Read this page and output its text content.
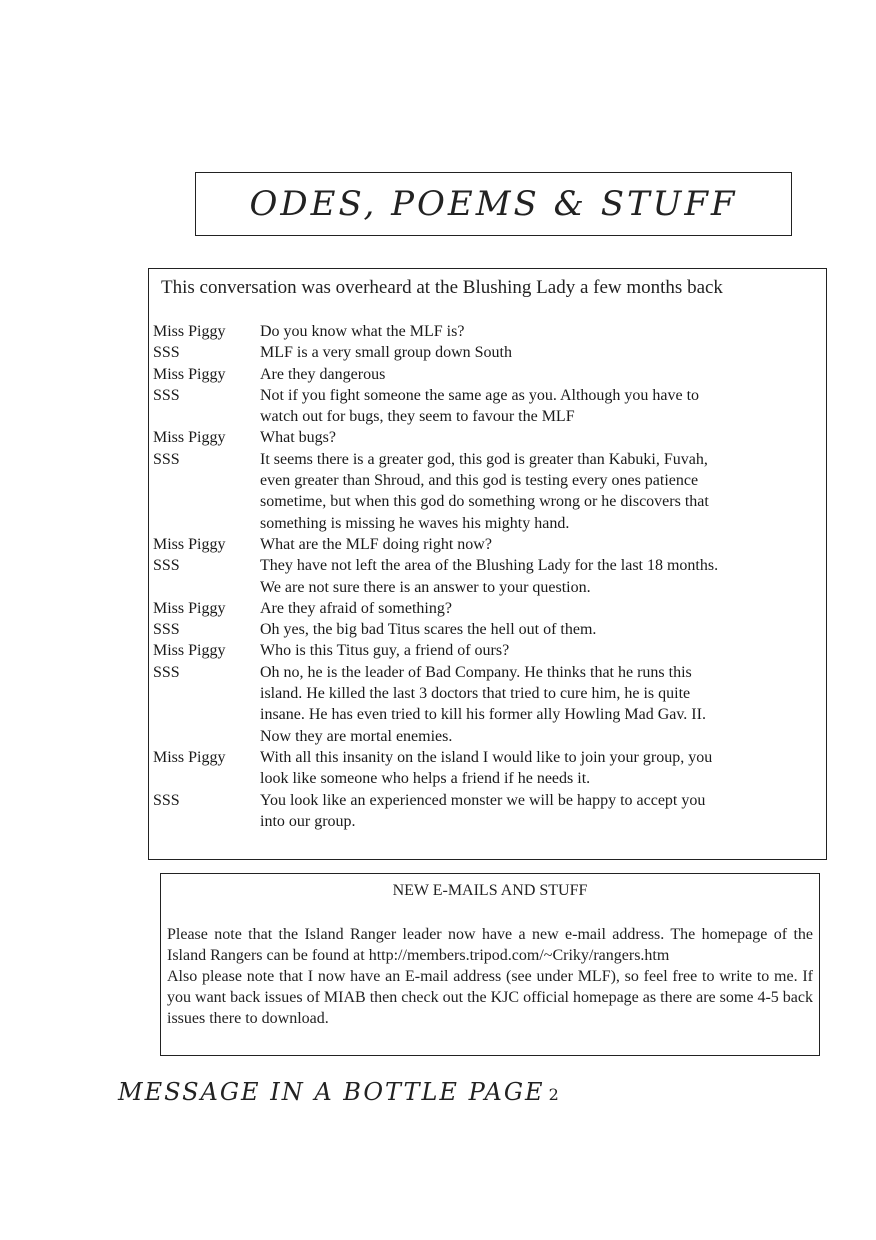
ODES, POEMS & STUFF
This conversation was overheard at the Blushing Lady a few months back
Miss Piggy	Do you know what the MLF is?
SSS	MLF is a very small group down South
Miss Piggy	Are they dangerous
SSS	Not if you fight someone the same age as you. Although you have to
watch out for bugs, they seem to favour the MLF
Miss Piggy	What bugs?
SSS	It seems there is a greater god, this god is greater than Kabuki, Fuvah,
even greater than Shroud, and this god is testing every ones patience
sometime, but when this god do something wrong or he discovers that
something is missing he waves his mighty hand.
Miss Piggy	What are the MLF doing right now?
SSS	They have not left the area of the Blushing Lady for the last 18 months.
We are not sure there is an answer to your question.
Miss Piggy	Are they afraid of something?
SSS	Oh yes, the big bad Titus scares the hell out of them.
Miss Piggy	Who is this Titus guy, a friend of ours?
SSS	Oh no, he is the leader of Bad Company. He thinks that he runs this
island. He killed the last 3 doctors that tried to cure him, he is quite
insane. He has even tried to kill his former ally Howling Mad Gav. II.
Now they are mortal enemies.
Miss Piggy	With all this insanity on the island I would like to join your group, you
look like someone who helps a friend if he needs it.
SSS	You look like an experienced monster we will be happy to accept you
into our group.
NEW E-MAILS AND STUFF

Please note that the Island Ranger leader now have a new e-mail address. The homepage of the Island Rangers can be found at http://members.tripod.com/~Criky/rangers.htm

Also please note that I now have an E-mail address (see under MLF), so feel free to write to me. If you want back issues of MIAB then check out the KJC official homepage as there are some 4-5 back issues there to download.

MESSAGE IN A BOTTLE PAGE 2
